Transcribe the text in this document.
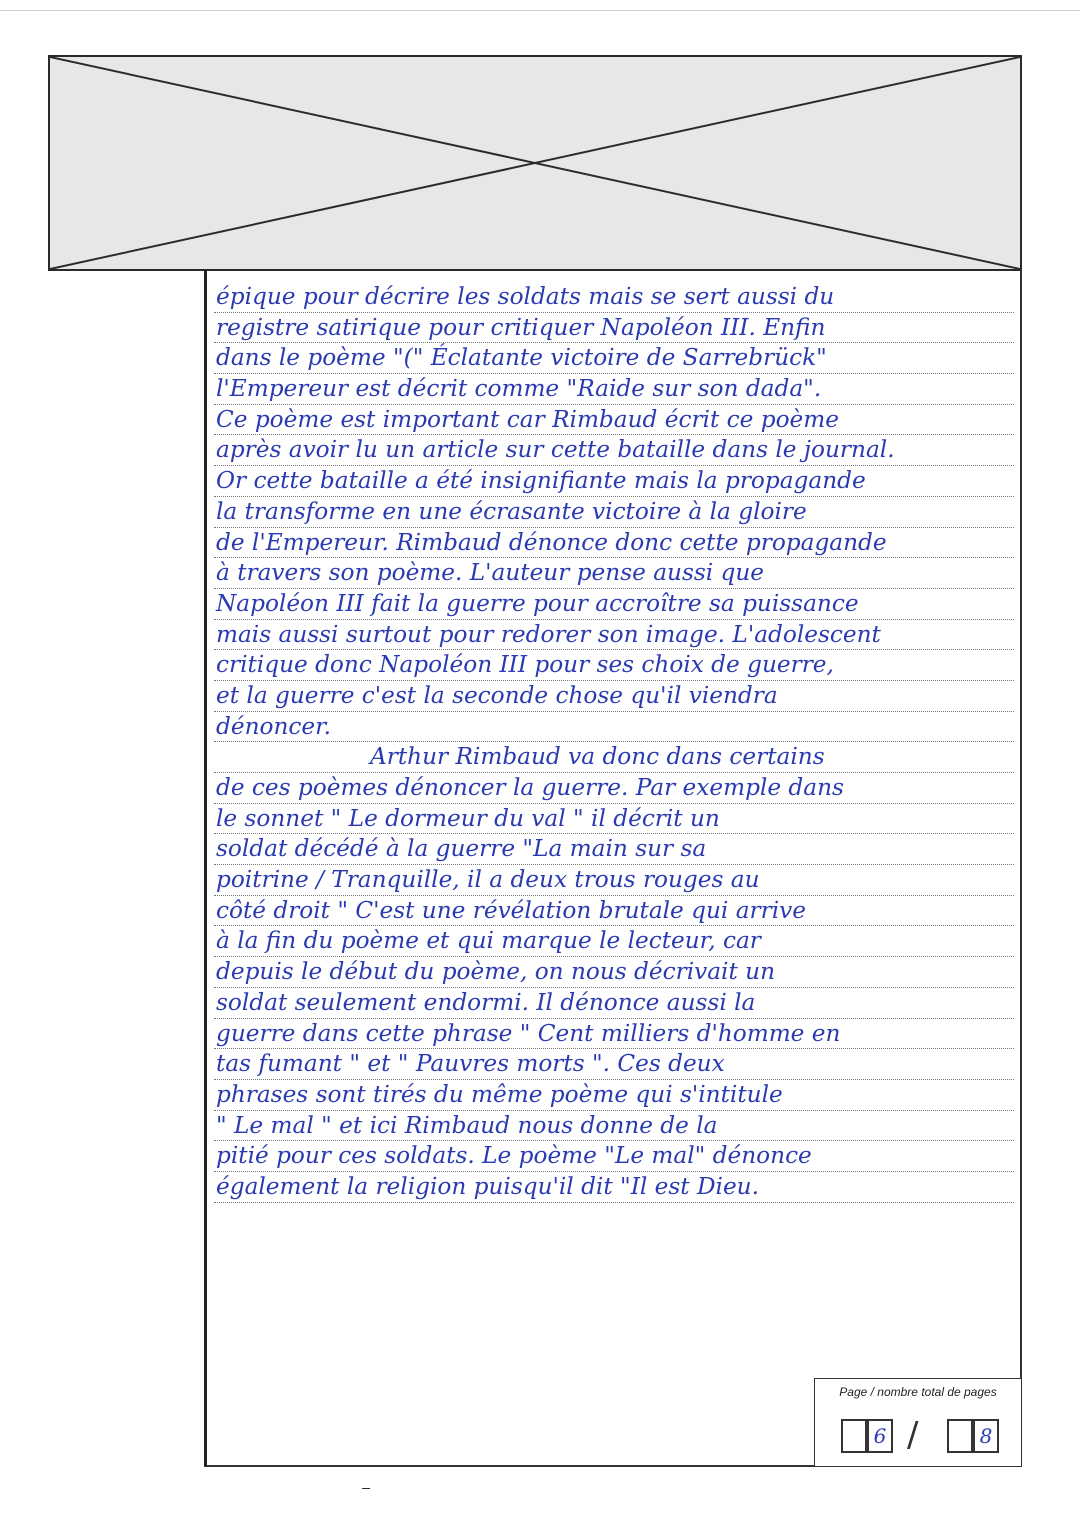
épique pour décrire les soldats mais se sert aussi du
registre satirique pour critiquer Napoléon III. Enfin
dans le poème "(" Éclatante victoire de Sarrebrück"
l'Empereur est décrit comme "Raide sur son dada".
Ce poème est important car Rimbaud écrit ce poème
après avoir lu un article sur cette bataille dans le journal.
Or cette bataille a été insignifiante mais la propagande
la transforme en une écrasante victoire à la gloire
de l'Empereur. Rimbaud dénonce donc cette propagande
à travers son poème. L'auteur pense aussi que
Napoléon III fait la guerre pour accroître sa puissance
mais aussi surtout pour redorer son image. L'adolescent
critique donc Napoléon III pour ses choix de guerre,
et la guerre c'est la seconde chose qu'il viendra
dénoncer.
Arthur Rimbaud va donc dans certains
de ces poèmes dénoncer la guerre. Par exemple dans
le sonnet " Le dormeur du val " il décrit un
soldat décédé à la guerre "La main sur sa
poitrine / Tranquille, il a deux trous rouges au
côté droit " C'est une révélation brutale qui arrive
à la fin du poème et qui marque le lecteur, car
depuis le début du poème, on nous décrivait un
soldat seulement endormi. Il dénonce aussi la
guerre dans cette phrase " Cent milliers d'homme en
tas fumant " et " Pauvres morts ". Ces deux
phrases sont tirés du même poème qui s'intitule
" Le mal " et ici Rimbaud nous donne de la
pitié pour ces soldats. Le poème "Le mal" dénonce
également la religion puisqu'il dit "Il est Dieu.
Page / nombre total de pages
6 /	8
